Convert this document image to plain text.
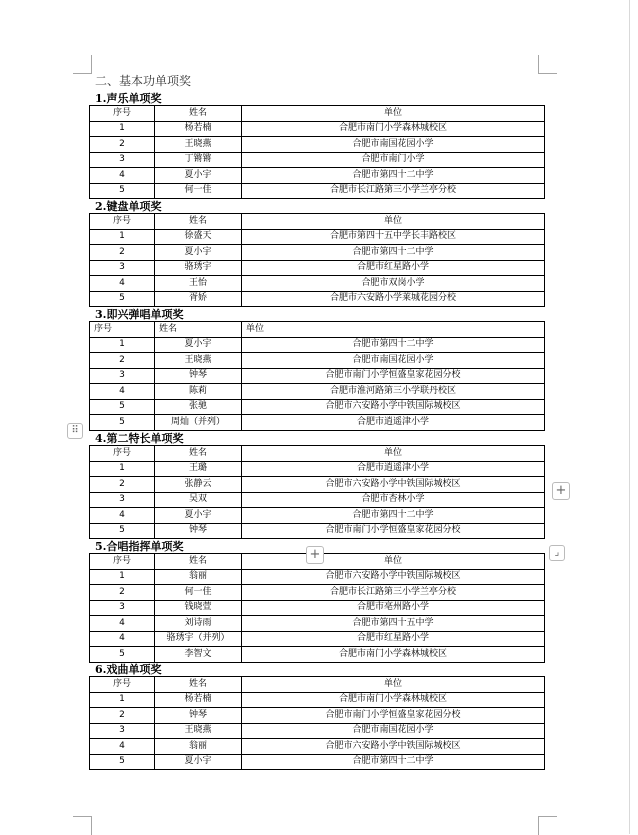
二、基本功单项奖
1.声乐单项奖
序号	姓名	单位
1	杨若楠	合肥市南门小学森林城校区
2	王晓燕	合肥市南国花园小学
3	丁锵锵	合肥市南门小学
4	夏小宇	合肥市第四十二中学
5	何一佳	合肥市长江路第三小学兰亭分校
2.键盘单项奖
序号	姓名	单位
1	徐盛天	合肥市第四十五中学长丰路校区
2	夏小宇	合肥市第四十二中学
3	骆琇宇	合肥市红星路小学
4	王怡	合肥市双岗小学
5	胥娇	合肥市六安路小学莱城花园分校
3.即兴弹唱单项奖
序号	姓名	单位
1	夏小宇	合肥市第四十二中学
2	王晓燕	合肥市南国花园小学
3	钟琴	合肥市南门小学恒盛皇家花园分校
4	陈莉	合肥市淮河路第三小学联丹校区
5	张驰	合肥市六安路小学中铁国际城校区
5	周灿（并列）	合肥市逍遥津小学
4.第二特长单项奖
序号	姓名	单位
1	王璐	合肥市逍遥津小学
2	张静云	合肥市六安路小学中铁国际城校区
3	吴双	合肥市杏林小学
4	夏小宇	合肥市第四十二中学
5	钟琴	合肥市南门小学恒盛皇家花园分校
5.合唱指挥单项奖
序号	姓名	单位
1	翁丽	合肥市六安路小学中铁国际城校区
2	何一佳	合肥市长江路第三小学兰亭分校
3	钱晓萱	合肥市亳州路小学
4	刘诗雨	合肥市第四十五中学
4	骆琇宇（并列）	合肥市红星路小学
5	李智文	合肥市南门小学森林城校区
6.戏曲单项奖
序号	姓名	单位
1	杨若楠	合肥市南门小学森林城校区
2	钟琴	合肥市南门小学恒盛皇家花园分校
3	王晓燕	合肥市南国花园小学
4	翁丽	合肥市六安路小学中铁国际城校区
5	夏小宇	合肥市第四十二中学
⠿
+
+	⌟
